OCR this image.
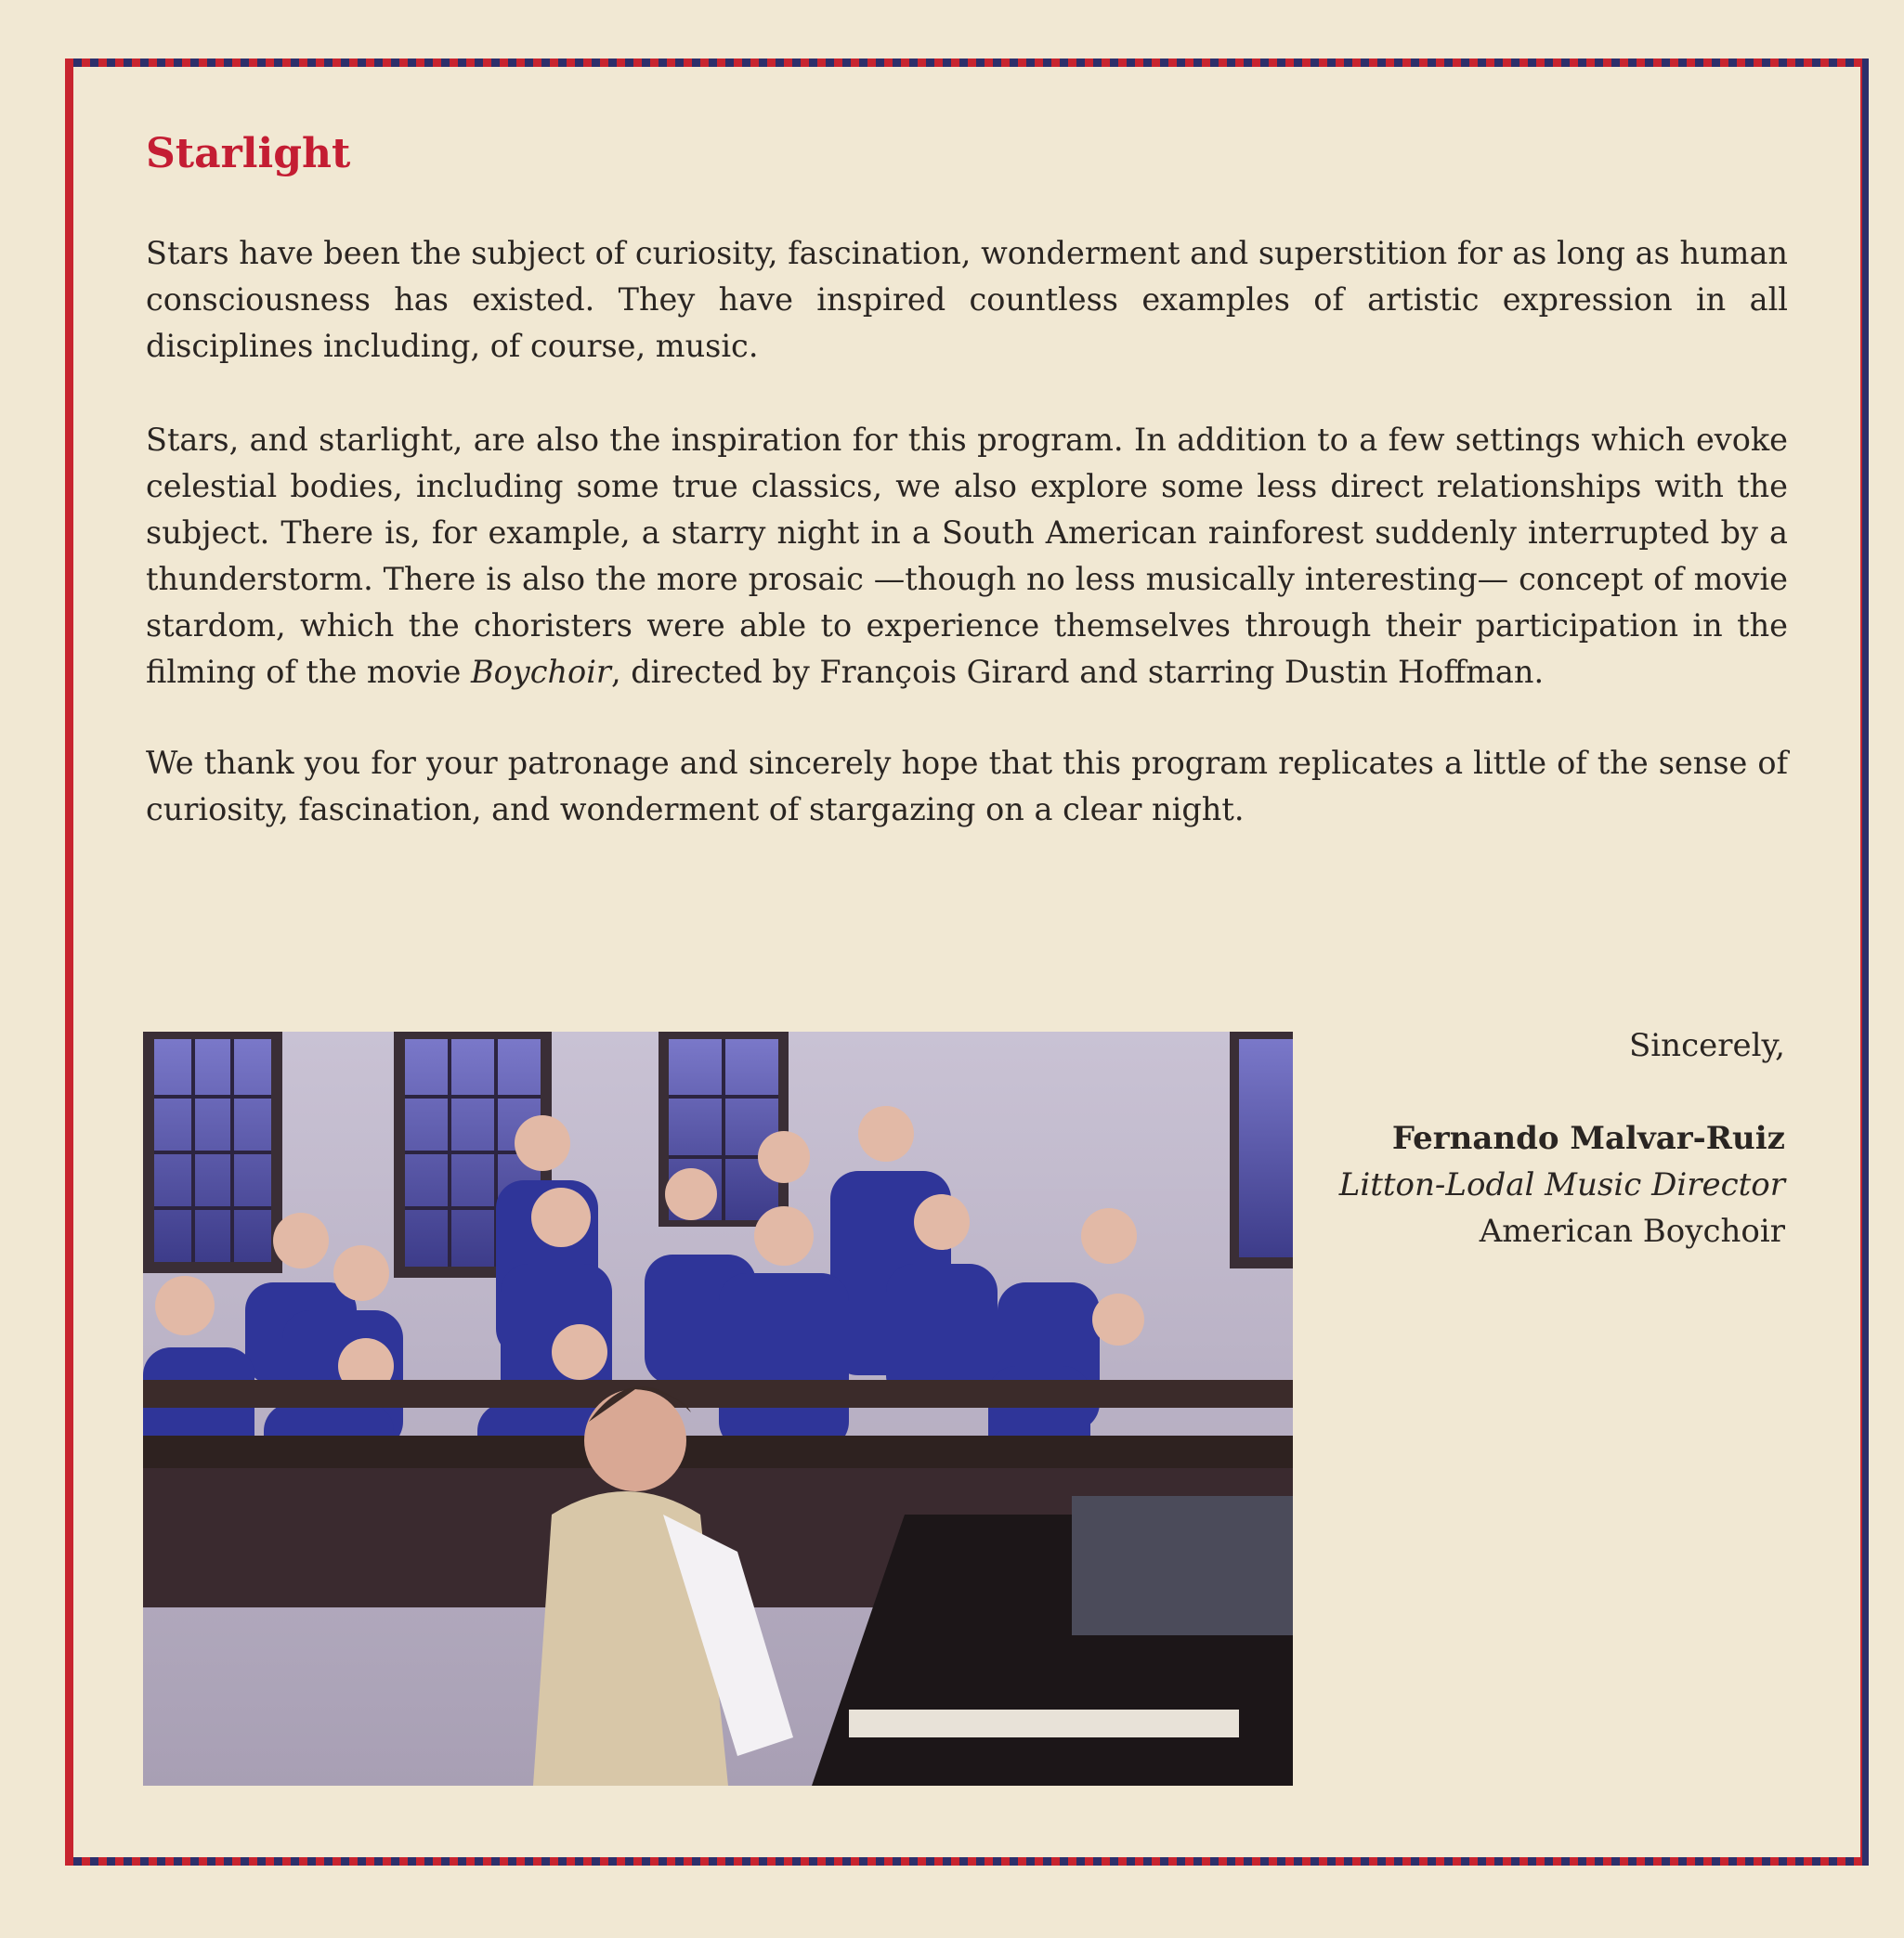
Starlight

Stars have been the subject of curiosity, fascination, wonderment and superstition for as long as human consciousness has existed. They have inspired countless examples of artistic expression in all disciplines including, of course, music.

Stars, and starlight, are also the inspiration for this program. In addition to a few settings which evoke celestial bodies, including some true classics, we also explore some less direct relationships with the subject. There is, for example, a starry night in a South American rainforest suddenly interrupted by a thunderstorm. There is also the more prosaic —though no less musically interesting— concept of movie stardom, which the choristers were able to experience themselves through their participation in the filming of the movie Boychoir, directed by François Girard and starring Dustin Hoffman.

We thank you for your patronage and sincerely hope that this program replicates a little of the sense of curiosity, fascination, and wonderment of stargazing on a clear night.

Sincerely,

Fernando Malvar-Ruiz

Litton-Lodal Music Director

American Boychoir
